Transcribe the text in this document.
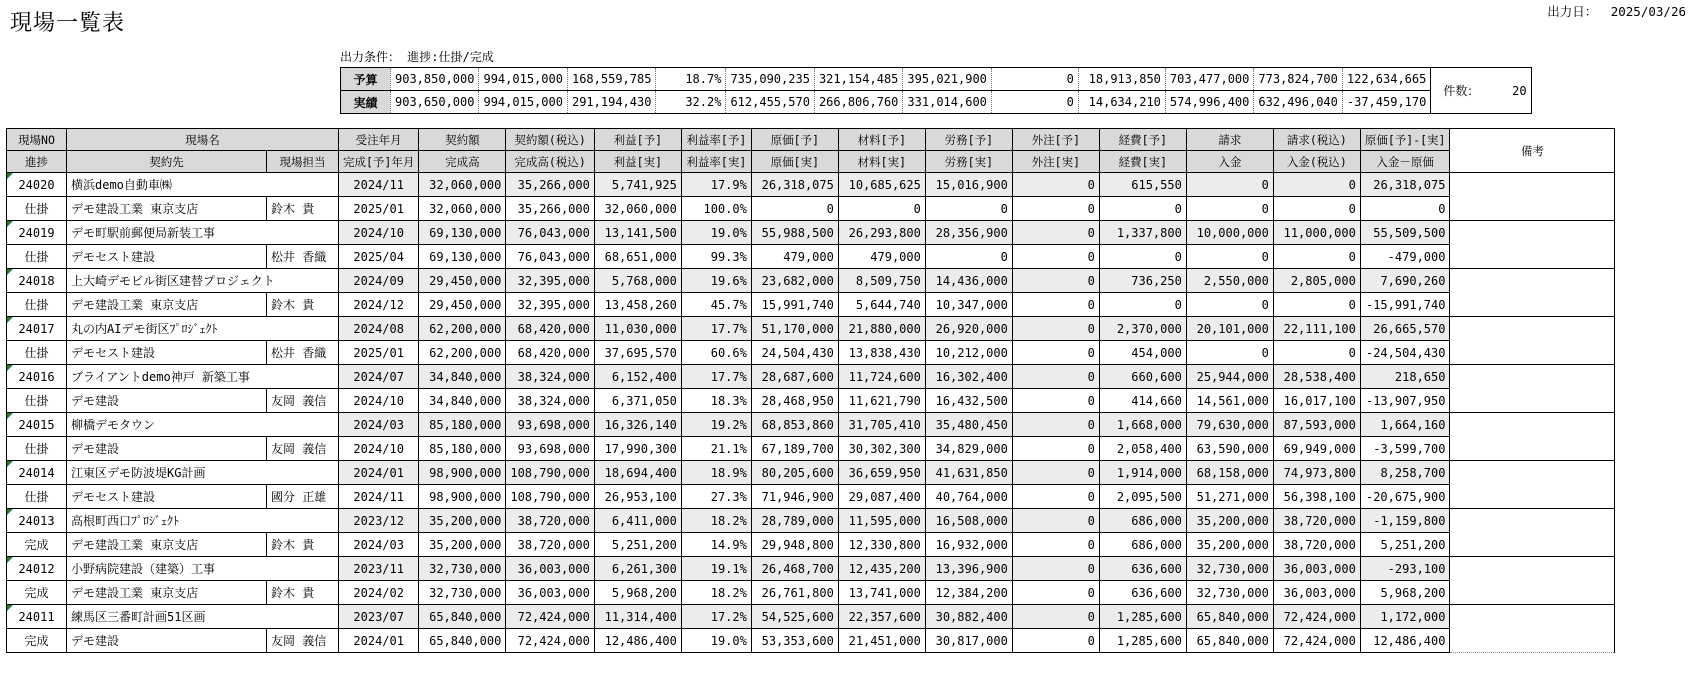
現場一覧表	出力日： 2025/03/26
出力条件： 進捗:仕掛/完成
予算	903,850,000	994,015,000	168,559,785	18.7%	735,090,235	321,154,485	395,021,900	0	18,913,850	703,477,000	773,824,700	122,634,665	件数： 20
実績	903,650,000	994,015,000	291,194,430	32.2%	612,455,570	266,806,760	331,014,600	0	14,634,210	574,996,400	632,496,040	-37,459,170	
現場NO	現場名		受注年月	契約額	契約額(税込)	利益[予]	利益率[予]	原価[予]	材料[予]	労務[予]	外注[予]	経費[予]	請求	請求(税込)	原価[予]-[実]	備考
進捗	契約先	現場担当	完成[予]年月	完成高	完成高(税込)	利益[実]	利益率[実]	原価[実]	材料[実]	労務[実]	外注[実]	経費[実]	入金	入金(税込)	入金－原価	

24020	横浜demo自動車㈱		2024/11	32,060,000	35,266,000	5,741,925	17.9%	26,318,075	10,685,625	15,016,900	0	615,550	0	0	26,318,075	
仕掛	デモ建設工業 東京支店	鈴木 貴	2025/01	32,060,000	35,266,000	32,060,000	100.0%	0	0	0	0	0	0	0	0	

24019	デモ町駅前郵便局新装工事		2024/10	69,130,000	76,043,000	13,141,500	19.0%	55,988,500	26,293,800	28,356,900	0	1,337,800	10,000,000	11,000,000	55,509,500	
仕掛	デモセスト建設	松井 香織	2025/04	69,130,000	76,043,000	68,651,000	99.3%	479,000	479,000	0	0	0	0	0	-479,000	

24018	上大崎デモビル街区建替プロジェクト		2024/09	29,450,000	32,395,000	5,768,000	19.6%	23,682,000	8,509,750	14,436,000	0	736,250	2,550,000	2,805,000	7,690,260	
仕掛	デモ建設工業 東京支店	鈴木 貴	2024/12	29,450,000	32,395,000	13,458,260	45.7%	15,991,740	5,644,740	10,347,000	0	0	0	0	-15,991,740	

24017	丸の内AIデモ街区ﾌﾟﾛｼﾞｪｸﾄ		2024/08	62,200,000	68,420,000	11,030,000	17.7%	51,170,000	21,880,000	26,920,000	0	2,370,000	20,101,000	22,111,100	26,665,570	
仕掛	デモセスト建設	松井 香織	2025/01	62,200,000	68,420,000	37,695,570	60.6%	24,504,430	13,838,430	10,212,000	0	454,000	0	0	-24,504,430	

24016	ブライアントdemo神戸 新築工事		2024/07	34,840,000	38,324,000	6,152,400	17.7%	28,687,600	11,724,600	16,302,400	0	660,600	25,944,000	28,538,400	218,650	
仕掛	デモ建設	友岡 義信	2024/10	34,840,000	38,324,000	6,371,050	18.3%	28,468,950	11,621,790	16,432,500	0	414,660	14,561,000	16,017,100	-13,907,950	

24015	柳橋デモタウン		2024/03	85,180,000	93,698,000	16,326,140	19.2%	68,853,860	31,705,410	35,480,450	0	1,668,000	79,630,000	87,593,000	1,664,160	
仕掛	デモ建設	友岡 義信	2024/10	85,180,000	93,698,000	17,990,300	21.1%	67,189,700	30,302,300	34,829,000	0	2,058,400	63,590,000	69,949,000	-3,599,700	

24014	江東区デモ防波堤KG計画		2024/01	98,900,000	108,790,000	18,694,400	18.9%	80,205,600	36,659,950	41,631,850	0	1,914,000	68,158,000	74,973,800	8,258,700	
仕掛	デモセスト建設	國分 正雄	2024/11	98,900,000	108,790,000	26,953,100	27.3%	71,946,900	29,087,400	40,764,000	0	2,095,500	51,271,000	56,398,100	-20,675,900	

24013	高根町西口ﾌﾟﾛｼﾞｪｸﾄ		2023/12	35,200,000	38,720,000	6,411,000	18.2%	28,789,000	11,595,000	16,508,000	0	686,000	35,200,000	38,720,000	-1,159,800	
完成	デモ建設工業 東京支店	鈴木 貴	2024/03	35,200,000	38,720,000	5,251,200	14.9%	29,948,800	12,330,800	16,932,000	0	686,000	35,200,000	38,720,000	5,251,200	

24012	小野病院建設（建築）工事		2023/11	32,730,000	36,003,000	6,261,300	19.1%	26,468,700	12,435,200	13,396,900	0	636,600	32,730,000	36,003,000	-293,100	
完成	デモ建設工業 東京支店	鈴木 貴	2024/02	32,730,000	36,003,000	5,968,200	18.2%	26,761,800	13,741,000	12,384,200	0	636,600	32,730,000	36,003,000	5,968,200	

24011	練馬区三番町計画51区画		2023/07	65,840,000	72,424,000	11,314,400	17.2%	54,525,600	22,357,600	30,882,400	0	1,285,600	65,840,000	72,424,000	1,172,000	
完成	デモ建設	友岡 義信	2024/01	65,840,000	72,424,000	12,486,400	19.0%	53,353,600	21,451,000	30,817,000	0	1,285,600	65,840,000	72,424,000	12,486,400	
